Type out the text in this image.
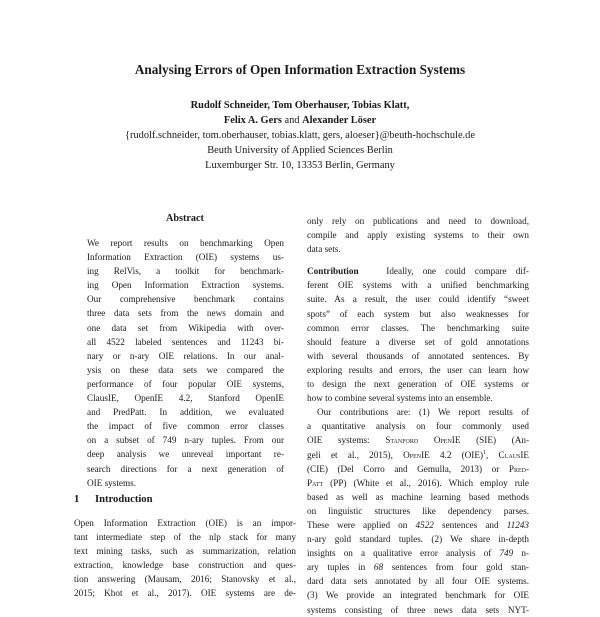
Analysing Errors of Open Information Extraction Systems
Rudolf Schneider, Tom Oberhauser, Tobias Klatt,
Felix A. Gers and Alexander Löser
{rudolf.schneider, tom.oberhauser, tobias.klatt, gers, aloeser}@beuth-hochschule.de
Beuth University of Applied Sciences Berlin
Luxemburger Str. 10, 13353 Berlin, Germany
Abstract
We report results on benchmarking Open
Information Extraction (OIE) systems us-
ing RelVis, a toolkit for benchmark-
ing Open Information Extraction systems.
Our comprehensive benchmark contains
three data sets from the news domain and
one data set from Wikipedia with over-
all 4522 labeled sentences and 11243 bi-
nary or n-ary OIE relations. In our anal-
ysis on these data sets we compared the
performance of four popular OIE systems,
ClausIE, OpenIE 4.2, Stanford OpenIE
and PredPatt. In addition, we evaluated
the impact of five common error classes
on a subset of 749 n-ary tuples. From our
deep analysis we unreveal important re-
search directions for a next generation of
OIE systems.
1 Introduction
Open Information Extraction (OIE) is an impor-
tant intermediate step of the nlp stack for many
text mining tasks, such as summarization, relation
extraction, knowledge base construction and ques-
tion answering (Mausam, 2016; Stanovsky et al.,
2015; Khot et al., 2017). OIE systems are de-
only rely on publications and need to download,
compile and apply existing systems to their own
data sets.
Contribution	Ideally, one could compare dif-
ferent OIE systems with a unified benchmarking
suite. As a result, the user could identify “sweet
spots” of each system but also weaknesses for
common error classes. The benchmarking suite
should feature a diverse set of gold annotations
with several thousands of annotated sentences. By
exploring results and errors, the user can learn how
to design the next generation of OIE systems or
how to combine several systems into an ensemble.
Our contributions are: (1) We report results of
a quantitative analysis on four commonly used
OIE systems: Stanford OpenIE (SIE) (An-
geli et al., 2015), OpenIE 4.2 (OIE)$^1$, ClausIE
(CIE) (Del Corro and Gemulla, 2013) or Pred-
Patt (PP) (White et al., 2016). Which employ rule
based as well as machine learning based methods
on linguistic structures like dependency parses.
These were applied on 4522 sentences and 11243
n-ary gold standard tuples. (2) We share in-depth
insights on a qualitative error analysis of 749 n-
ary tuples in 68 sentences from four gold stan-
dard data sets annotated by all four OIE systems.
(3) We provide an integrated benchmark for OIE
systems consisting of three news data sets NYT-
